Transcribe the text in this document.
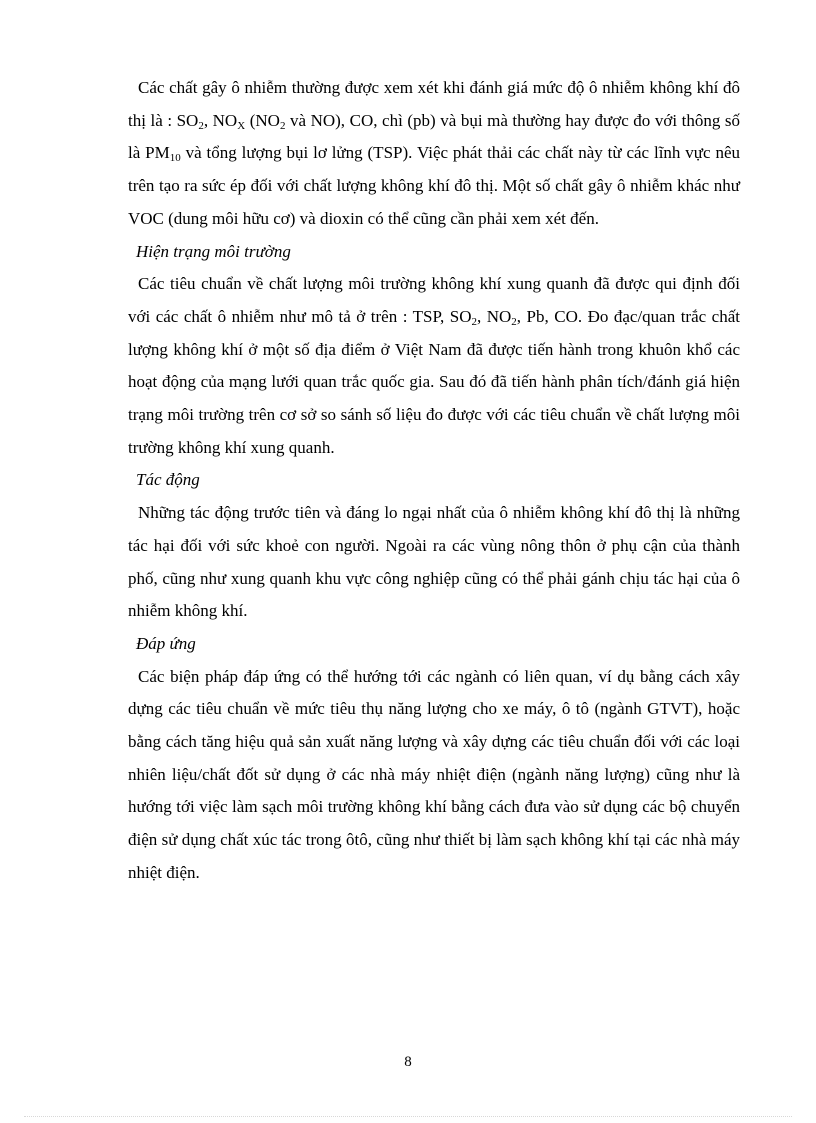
Các chất gây ô nhiễm thường được xem xét khi đánh giá mức độ ô nhiễm không khí đô thị là : $SO_2$, $NO_X$ ($NO_2$ và NO), CO, chì (pb) và bụi mà thường hay được đo với thông số là $PM_{10}$ và tổng lượng bụi lơ lửng (TSP). Việc phát thải các chất này từ các lĩnh vực nêu trên tạo ra sức ép đối với chất lượng không khí đô thị. Một số chất gây ô nhiễm khác như VOC (dung môi hữu cơ) và dioxin có thể cũng cần phải xem xét đến.

Hiện trạng môi trường

Các tiêu chuẩn về chất lượng môi trường không khí xung quanh đã được qui định đối với các chất ô nhiễm như mô tả ở trên : TSP, $SO_2$, $NO_2$, Pb, CO. Đo đạc/quan trắc chất lượng không khí ở một số địa điểm ở Việt Nam đã được tiến hành trong khuôn khổ các hoạt động của mạng lưới quan trắc quốc gia. Sau đó đã tiến hành phân tích/đánh giá hiện trạng môi trường trên cơ sở so sánh số liệu đo được với các tiêu chuẩn về chất lượng môi trường không khí xung quanh.

Tác động

Những tác động trước tiên và đáng lo ngại nhất của ô nhiễm không khí đô thị là những tác hại đối với sức khoẻ con người. Ngoài ra các vùng nông thôn ở phụ cận của thành phố, cũng như xung quanh khu vực công nghiệp cũng có thể phải gánh chịu tác hại của ô nhiễm không khí.

Đáp ứng

Các biện pháp đáp ứng có thể hướng tới các ngành có liên quan, ví dụ bằng cách xây dựng các tiêu chuẩn về mức tiêu thụ năng lượng cho xe máy, ô tô (ngành GTVT), hoặc bằng cách tăng hiệu quả sản xuất năng lượng và xây dựng các tiêu chuẩn đối với các loại nhiên liệu/chất đốt sử dụng ở các nhà máy nhiệt điện (ngành năng lượng) cũng như là hướng tới việc làm sạch môi trường không khí bằng cách đưa vào sử dụng các bộ chuyển điện sử dụng chất xúc tác trong ôtô, cũng như thiết bị làm sạch không khí tại các nhà máy nhiệt điện.

8
